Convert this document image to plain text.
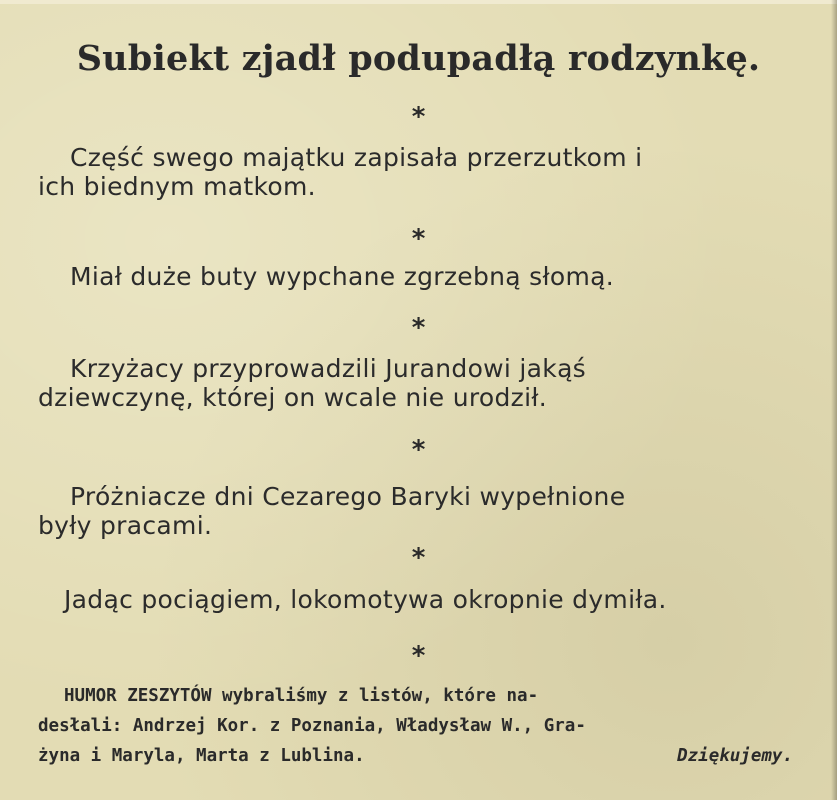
Subiekt zjadł podupadłą rodzynkę.
*
Część swego majątku zapisała przerzutkom i
ich biednym matkom.
*
Miał duże buty wypchane zgrzebną słomą.
*
Krzyżacy przyprowadzili Jurandowi jakąś
dziewczynę, której on wcale nie urodził.
*
Próżniacze dni Cezarego Baryki wypełnione
były pracami.
*
Jadąc pociągiem, lokomotywa okropnie dymiła.
*
HUMOR ZESZYTÓW wybraliśmy z listów, które na-
desłali: Andrzej Kor. z Poznania, Władysław W., Gra-
żyna i Maryla, Marta z Lublina.	Dziękujemy.
